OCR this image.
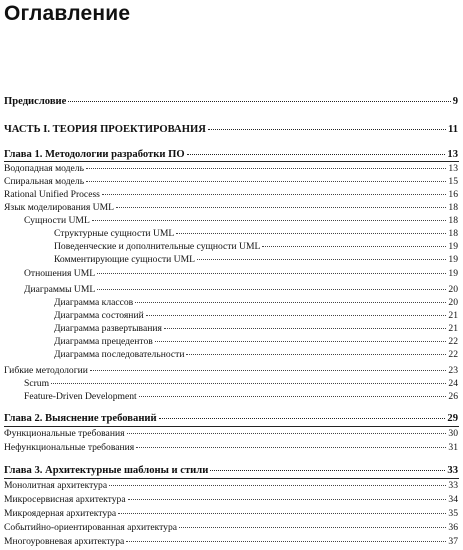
Оглавление
Предисловие	9
ЧАСТЬ I. ТЕОРИЯ ПРОЕКТИРОВАНИЯ	11
Глава 1. Методологии разработки ПО	13
Водопадная модель	13
Спиральная модель	15
Rational Unified Process	16
Язык моделирования UML	18
Сущности UML	18
Структурные сущности UML	18
Поведенческие и дополнительные сущности UML	19
Комментирующие сущности UML	19
Отношения UML	19
Диаграммы UML	20
Диаграмма классов	20
Диаграмма состояний	21
Диаграмма развертывания	21
Диаграмма прецедентов	22
Диаграмма последовательности	22
Гибкие методологии	23
Scrum	24
Feature-Driven Development	26
Глава 2. Выяснение требований	29
Функциональные требования	30
Нефункциональные требования	31
Глава 3. Архитектурные шаблоны и стили	33
Монолитная архитектура	33
Микросервисная архитектура	34
Микроядерная архитектура	35
Событийно-ориентированная архитектура	36
Многоуровневая архитектура	37
